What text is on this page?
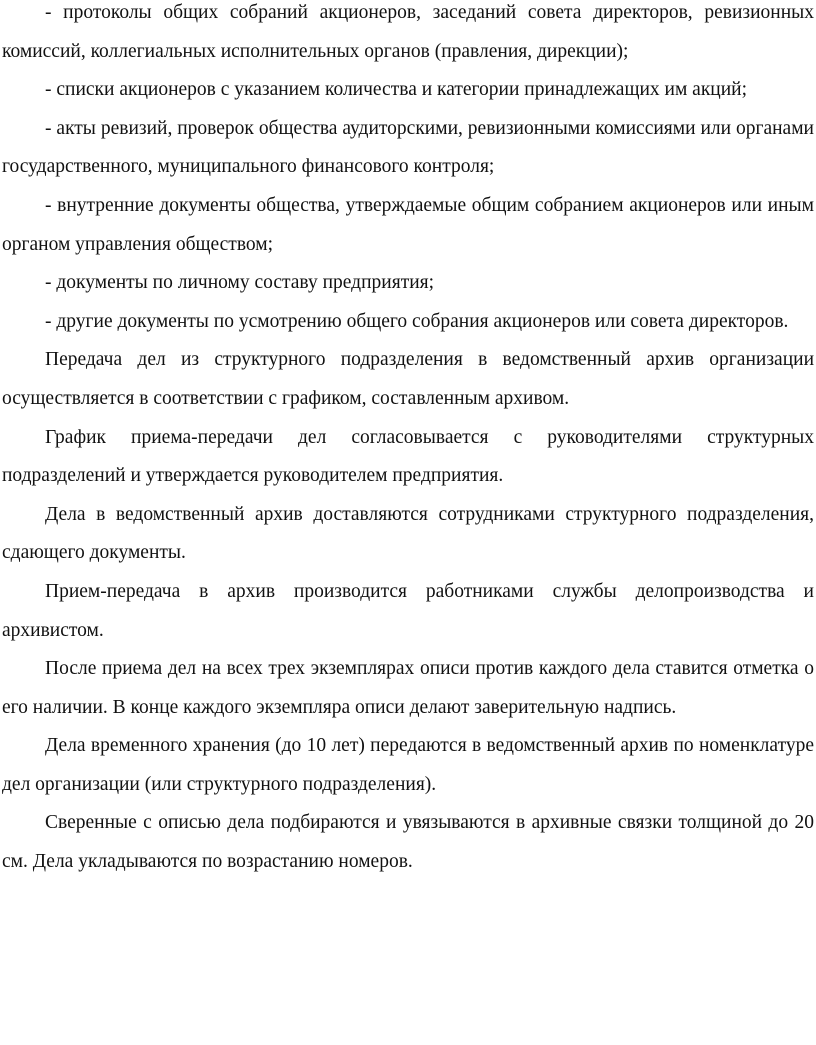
- протоколы общих собраний акционеров, заседаний совета директоров, ревизионных комиссий, коллегиальных исполнительных органов (правления, дирекции);

- списки акционеров с указанием количества и категории принадлежащих им акций;

- акты ревизий, проверок общества аудиторскими, ревизионными комиссиями или органами государственного, муниципального финансового контроля;

- внутренние документы общества, утверждаемые общим собранием акционеров или иным органом управления обществом;

- документы по личному составу предприятия;

- другие документы по усмотрению общего собрания акционеров или совета директоров.

Передача дел из структурного подразделения в ведомственный архив организации осуществляется в соответствии с графиком, составленным архивом.

График приема-передачи дел согласовывается с руководителями структурных подразделений и утверждается руководителем предприятия.

Дела в ведомственный архив доставляются сотрудниками структурного подразделения, сдающего документы.

Прием-передача в архив производится работниками службы делопроизводства и архивистом.

После приема дел на всех трех экземплярах описи против каждого дела ставится отметка о его наличии. В конце каждого экземпляра описи делают заверительную надпись.

Дела временного хранения (до 10 лет) передаются в ведомственный архив по номенклатуре дел организации (или структурного подразделения).

Сверенные с описью дела подбираются и увязываются в архивные связки толщиной до 20 см. Дела укладываются по возрастанию номеров.
